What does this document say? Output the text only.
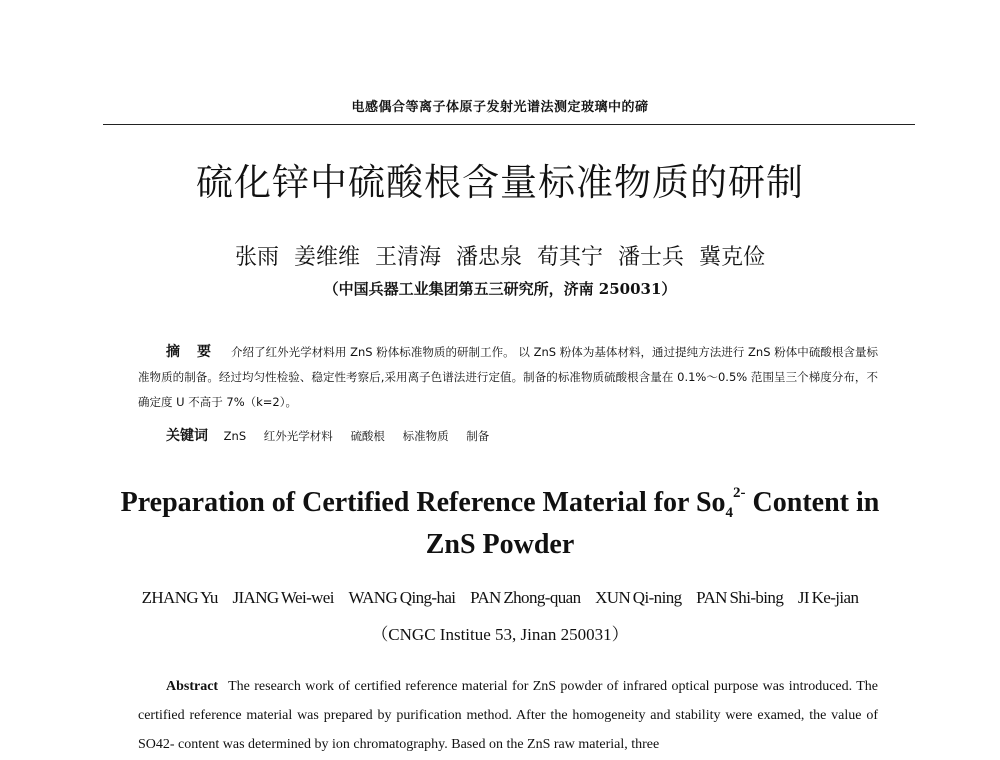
电感偶合等离子体原子发射光谱法测定玻璃中的碲
硫化锌中硫酸根含量标准物质的研制
张雨 姜维维 王清海 潘忠泉 荀其宁 潘士兵 冀克俭
（中国兵器工业集团第五三研究所，济南 250031）
摘 要 介绍了红外光学材料用 ZnS 粉体标准物质的研制工作。 以 ZnS 粉体为基体材料，通过提纯方法进行 ZnS 粉体中硫酸根含量标准物质的制备。经过均匀性检验、稳定性考察后,采用离子色谱法进行定值。制备的标准物质硫酸根含量在 0.1%～0.5% 范围呈三个梯度分布，不确定度 U 不高于 7%（k=2）。
关键词 ZnS 红外光学材料 硫酸根 标准物质 制备
Preparation of Certified Reference Material for $So_4^{2-}$ Content in
ZnS Powder
ZHANG Yu JIANG Wei-wei WANG Qing-hai PAN Zhong-quan XUN Qi-ning PAN Shi-bing JI Ke-jian
（CNGC Institue 53, Jinan 250031）
Abstract The research work of certified reference material for ZnS powder of infrared optical purpose was introduced. The certified reference material was prepared by purification method. After the homogeneity and stability were examed, the value of SO42- content was determined by ion chromatography. Based on the ZnS raw material, three
